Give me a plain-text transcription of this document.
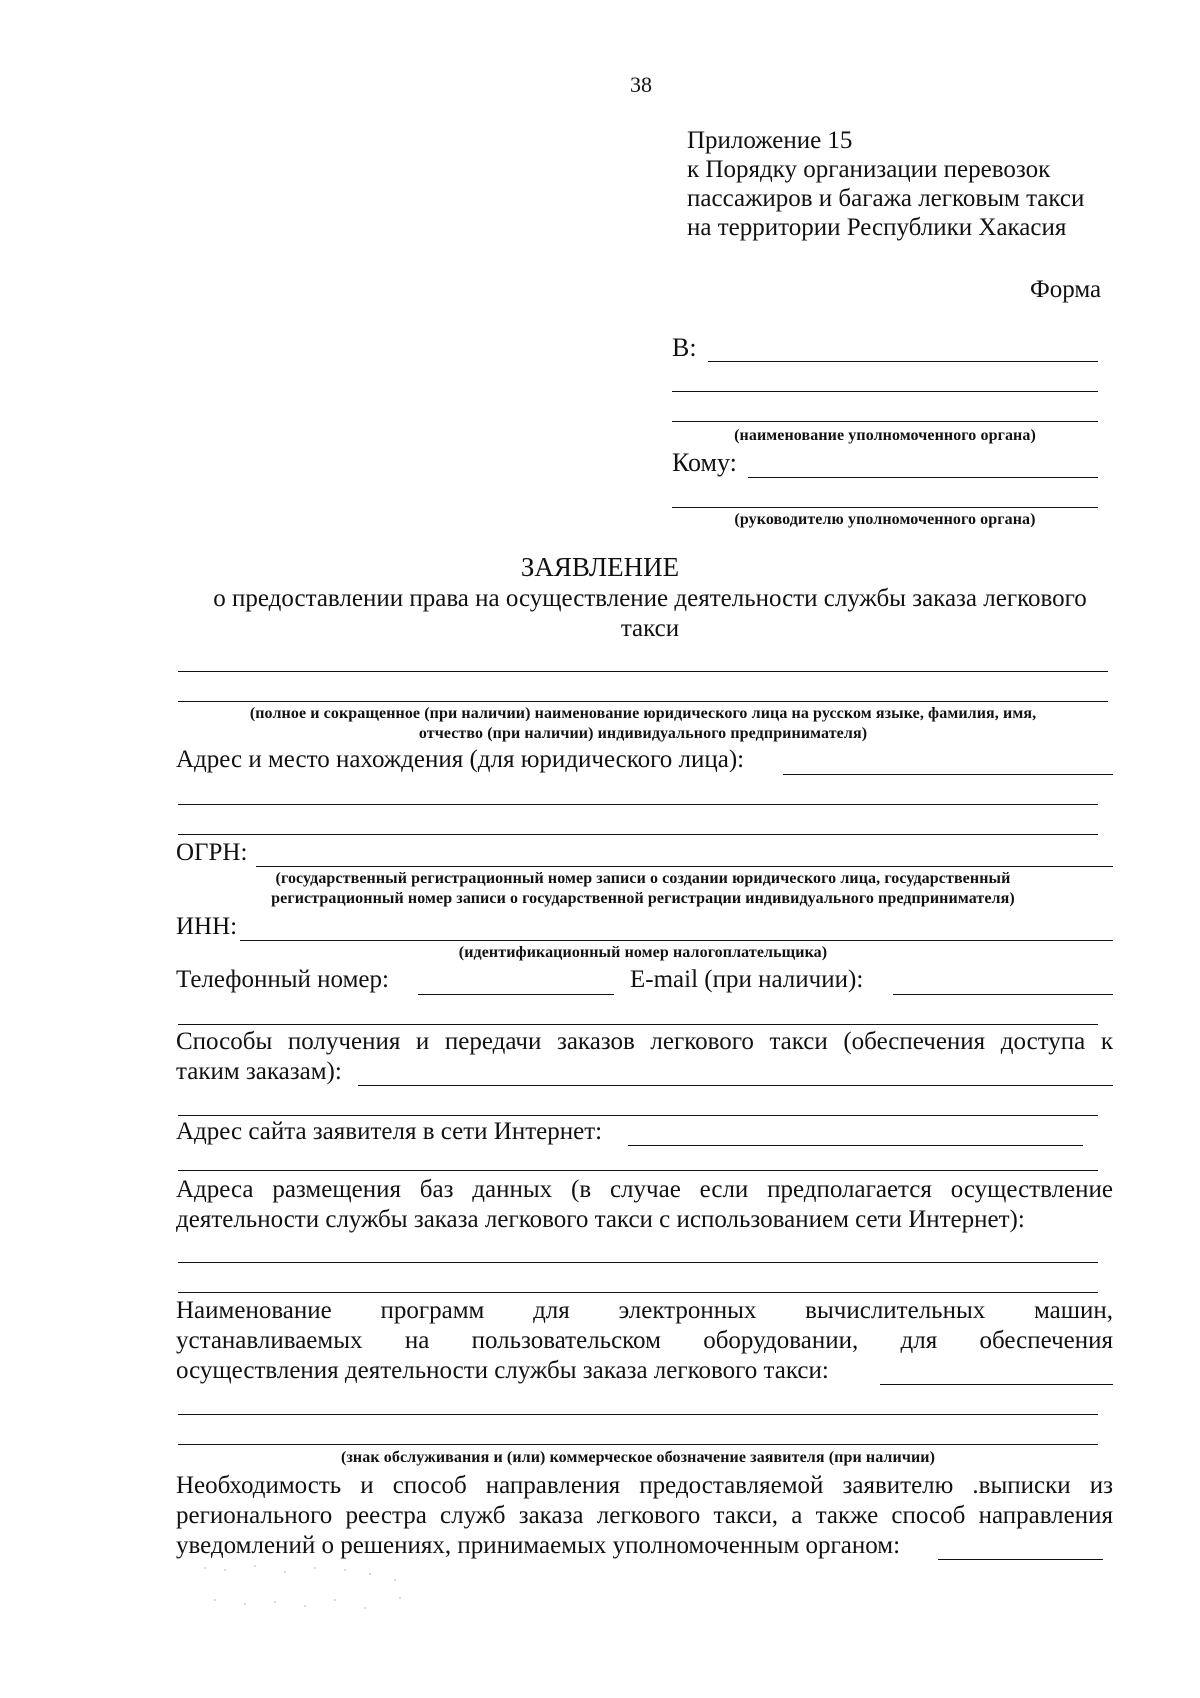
38
Приложение 15
к Порядку организации перевозок
пассажиров и багажа легковым такси
на территории Республики Хакасия
Форма
В:
(наименование уполномоченного органа)
Кому:
(руководителю уполномоченного органа)
ЗАЯВЛЕНИЕ
о предоставлении права на осуществление деятельности службы заказа легкового
такси
(полное и сокращенное (при наличии) наименование юридического лица на русском языке, фамилия, имя,
отчество (при наличии) индивидуального предпринимателя)
Адрес и место нахождения (для юридического лица):
ОГРН:
(государственный регистрационный номер записи о создании юридического лица, государственный
регистрационный номер записи о государственной регистрации индивидуального предпринимателя)
ИНН:
(идентификационный номер налогоплательщика)
Телефонный номер:	E-mail (при наличии):
Способы получения и передачи заказов легкового такси (обеспечения доступа к
таким заказам):
Адрес сайта заявителя в сети Интернет:
Адреса размещения баз данных (в случае если предполагается осуществление
деятельности службы заказа легкового такси с использованием сети Интернет):
Наименование программ для электронных вычислительных машин,
устанавливаемых на пользовательском оборудовании, для обеспечения
осуществления деятельности службы заказа легкового такси:
(знак обслуживания и (или) коммерческое обозначение заявителя (при наличии)
Необходимость и способ направления предоставляемой заявителю .выписки из
регионального реестра служб заказа легкового такси, а также способ направления
уведомлений о решениях, принимаемых уполномоченным органом:
